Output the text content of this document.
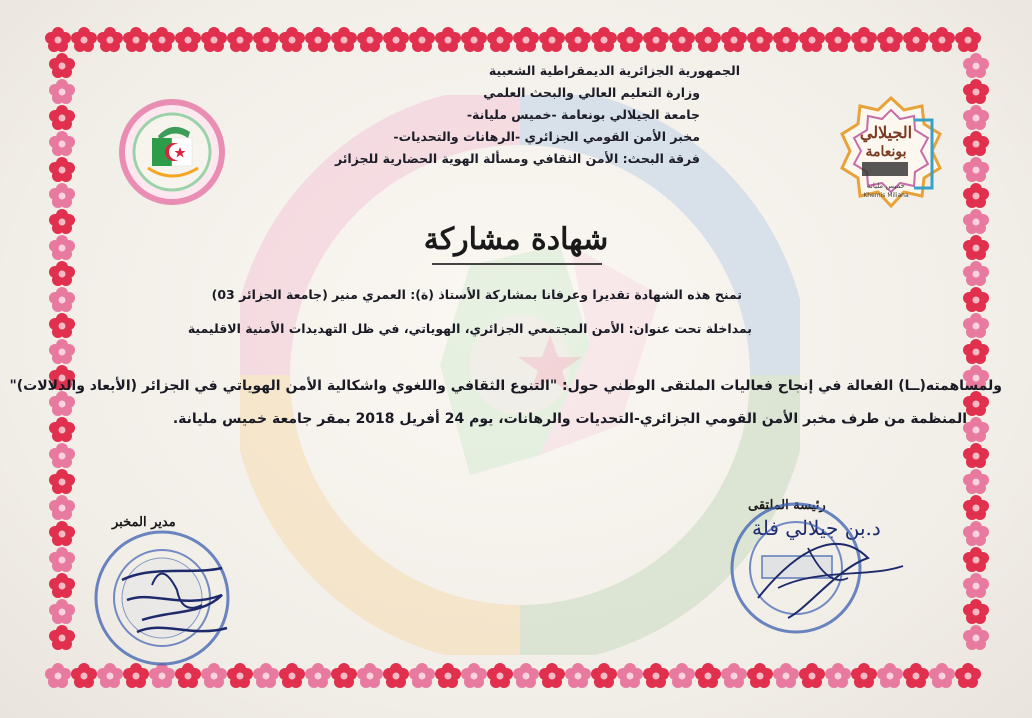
الجيلالي
بونعامة
خميس مليانة
Khemis Miliana
الجمهورية الجزائرية الديمقراطية الشعبية
وزارة التعليم العالي والبحث العلمي
جامعة الجيلالي بونعامة -خميس مليانة-
مخبر الأمن القومي الجزائري -الرهانات والتحديات-
فرقة البحث: الأمن الثقافي ومسألة الهوية الحضارية للجزائر
شهادة مشاركة
تمنح هذه الشهادة تقديرا وعرفانا بمشاركة الأستاذ (ة): العمري منير (جامعة الجزائر 03)
بمداخلة تحت عنوان: الأمن المجتمعي الجزائري، الهوياتي، في ظل التهديدات الأمنية الاقليمية
ولمساهمته(ــا) الفعالة في إنجاح فعاليات الملتقى الوطني حول: "التنوع الثقافي واللغوي واشكالية الأمن الهوياتي في الجزائر (الأبعاد والدلالات)"
المنظمة من طرف مخبر الأمن القومي الجزائري-التحديات والرهانات، يوم 24 أفريل 2018 بمقر جامعة خميس مليانة.
مدير المخبر
رئيسة الملتقى
د.بن جيلالي فلة
